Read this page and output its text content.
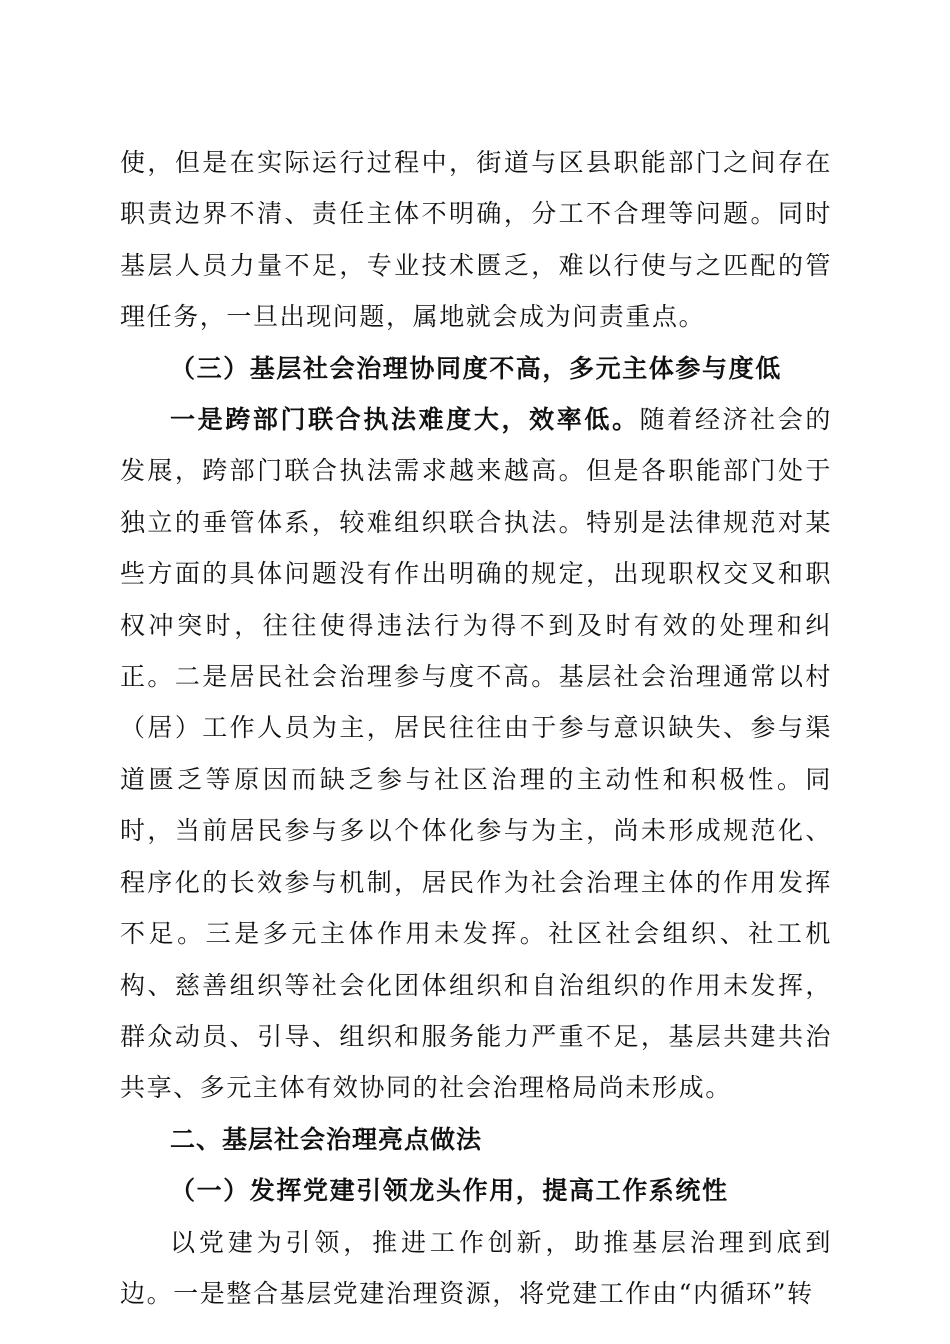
使，但是在实际运行过程中，街道与区县职能部门之间存在职责边界不清、责任主体不明确，分工不合理等问题。同时基层人员力量不足，专业技术匮乏，难以行使与之匹配的管理任务，一旦出现问题，属地就会成为问责重点。

（三）基层社会治理协同度不高，多元主体参与度低

一是跨部门联合执法难度大，效率低。随着经济社会的发展，跨部门联合执法需求越来越高。但是各职能部门处于独立的垂管体系，较难组织联合执法。特别是法律规范对某些方面的具体问题没有作出明确的规定，出现职权交叉和职权冲突时，往往使得违法行为得不到及时有效的处理和纠正。二是居民社会治理参与度不高。基层社会治理通常以村（居）工作人员为主，居民往往由于参与意识缺失、参与渠道匮乏等原因而缺乏参与社区治理的主动性和积极性。同时，当前居民参与多以个体化参与为主，尚未形成规范化、程序化的长效参与机制，居民作为社会治理主体的作用发挥不足。三是多元主体作用未发挥。社区社会组织、社工机构、慈善组织等社会化团体组织和自治组织的作用未发挥，群众动员、引导、组织和服务能力严重不足，基层共建共治共享、多元主体有效协同的社会治理格局尚未形成。

二、基层社会治理亮点做法

（一）发挥党建引领龙头作用，提高工作系统性

以党建为引领，推进工作创新，助推基层治理到底到边。一是整合基层党建治理资源，将党建工作由“内循环”转
